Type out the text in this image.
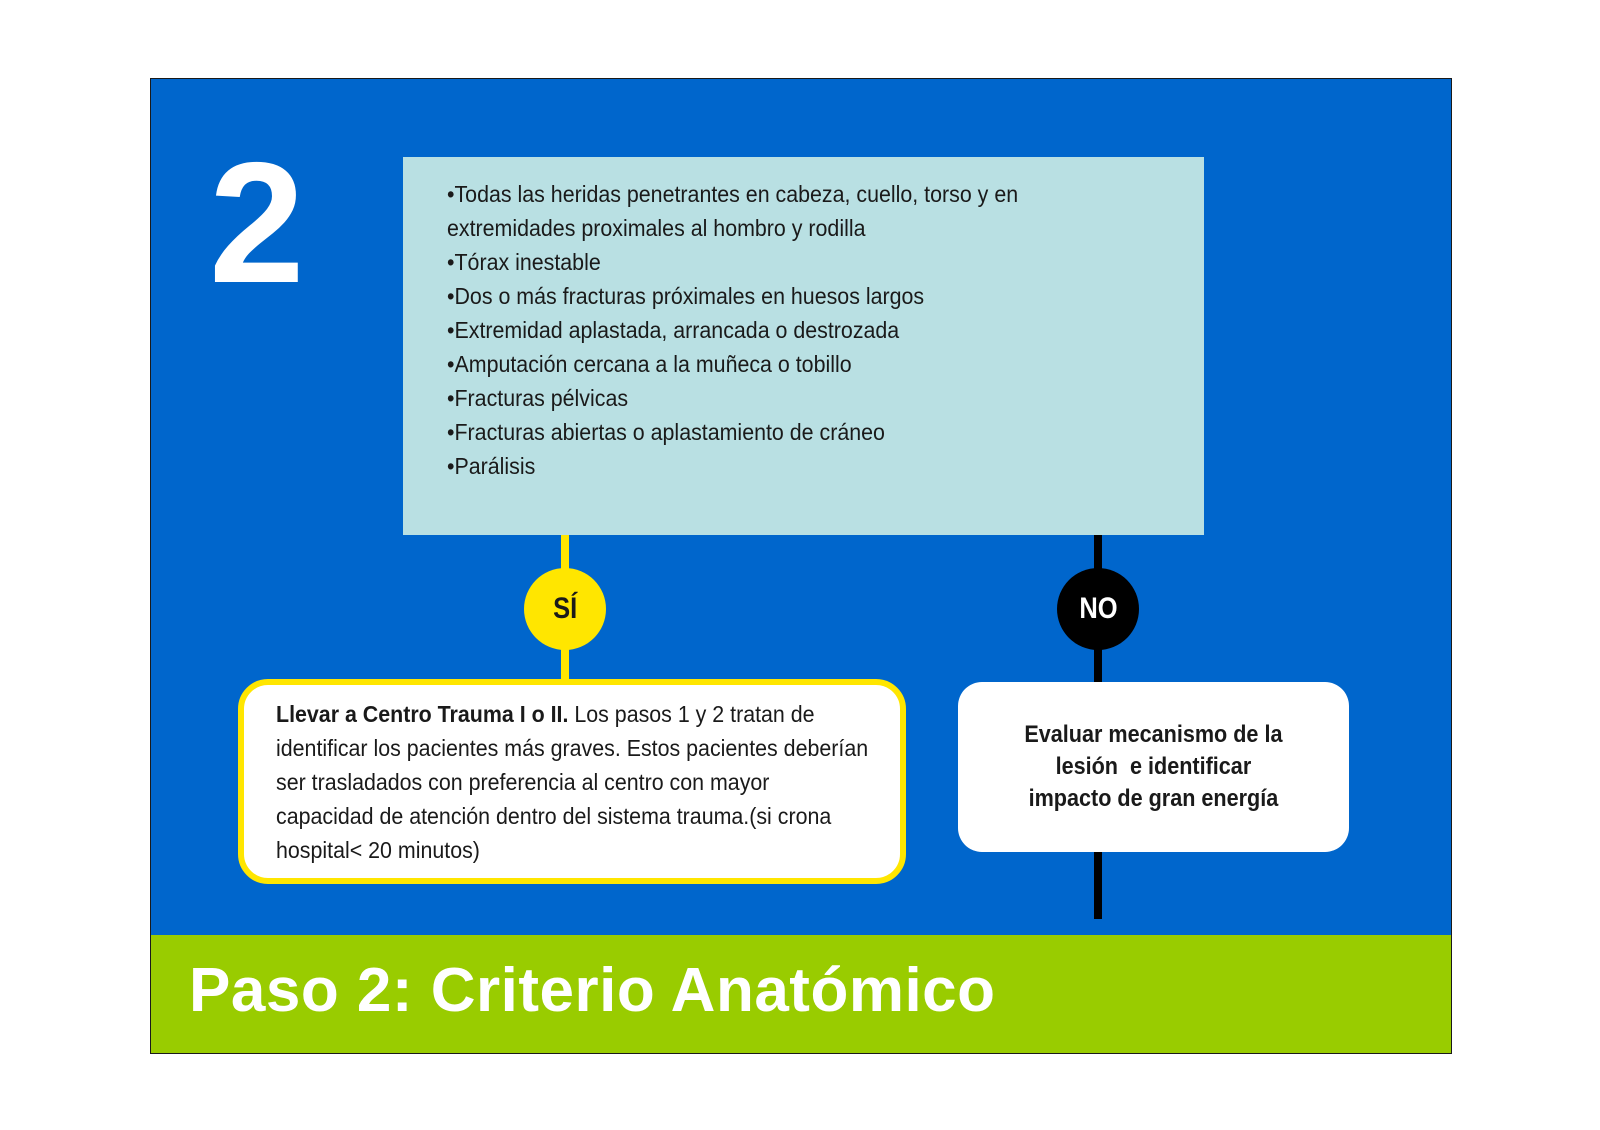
2	•Todas las heridas penetrantes en cabeza, cuello, torso y en
extremidades proximales al hombro y rodilla
•Tórax inestable
•Dos o más fracturas próximales en huesos largos
•Extremidad aplastada, arrancada o destrozada
•Amputación cercana a la muñeca o tobillo
•Fracturas pélvicas
•Fracturas abiertas o aplastamiento de cráneo
•Parálisis
SÍ	NO
Llevar a Centro Trauma I o II. Los pasos 1 y 2 tratan de identificar los pacientes más graves. Estos pacientes deberían ser trasladados con preferencia al centro con mayor capacidad de atención dentro del sistema trauma.(si crona hospital< 20 minutos)
Evaluar mecanismo de la
lesión  e identificar
impacto de gran energía
Paso 2: Criterio Anatómico
